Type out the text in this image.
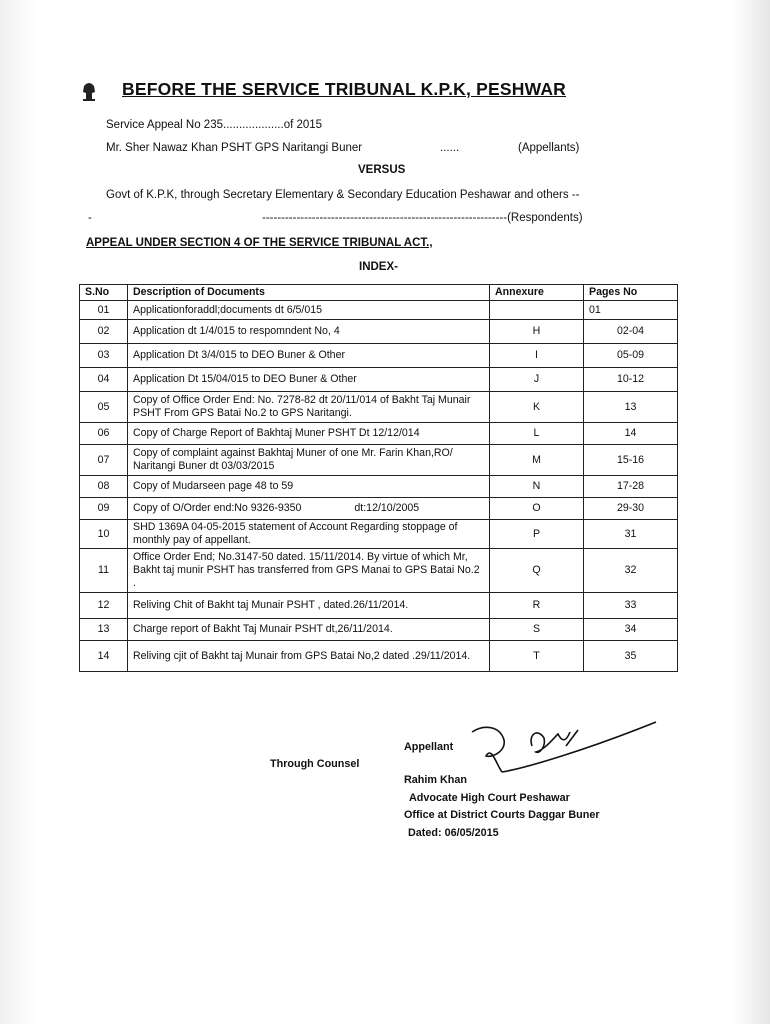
BEFORE THE SERVICE TRIBUNAL K.P.K, PESHWAR
Service Appeal No 235...................of 2015
Mr. Sher Nawaz Khan PSHT GPS Naritangi Buner	......	(Appellants)
VERSUS
Govt of K.P.K, through Secretary Elementary & Secondary Education Peshawar and others --
-	----------------------------------------------------------------(Respondents)
APPEAL UNDER SECTION 4 OF THE SERVICE TRIBUNAL ACT.,
INDEX-
S.No	Description of Documents	Annexure	Pages No
01	Applicationforaddl;documents dt 6/5/015		01
02	Application dt 1/4/015 to respomndent No, 4	H	02-04
03	Application Dt 3/4/015 to DEO Buner & Other	I	05-09
04	Application Dt 15/04/015 to DEO Buner & Other	J	10-12
05	Copy of Office Order End: No. 7278-82 dt 20/11/014 of Bakht Taj Munair PSHT From GPS Batai No.2 to GPS Naritangi.	K	13
06	Copy of Charge Report of Bakhtaj Muner PSHT Dt 12/12/014	L	14
07	Copy of complaint against Bakhtaj Muner of one Mr. Farin Khan,RO/ Naritangi Buner dt 03/03/2015	M	15-16
08	Copy of Mudarseen page 48 to 59	N	17-28
09	Copy of O/Order end:No 9326-9350                  dt:12/10/2005	O	29-30
10	SHD 1369A 04-05-2015 statement of Account Regarding stoppage of monthly pay of appellant.	P	31
11	Office Order End; No.3147-50 dated. 15/11/2014. By virtue of which Mr, Bakht taj munir PSHT has transferred from GPS Manai to GPS Batai No.2 .	Q	32
12	Reliving Chit of Bakht taj Munair PSHT , dated.26/11/2014.	R	33
13	Charge report of Bakht Taj Munair PSHT dt,26/11/2014.	S	34
14	Reliving cjit of Bakht taj Munair from GPS Batai No,2 dated .29/11/2014.	T	35
Through Counsel
Appellant
Rahim Khan
Advocate High Court Peshawar
Office at District Courts Daggar Buner
Dated: 06/05/2015
